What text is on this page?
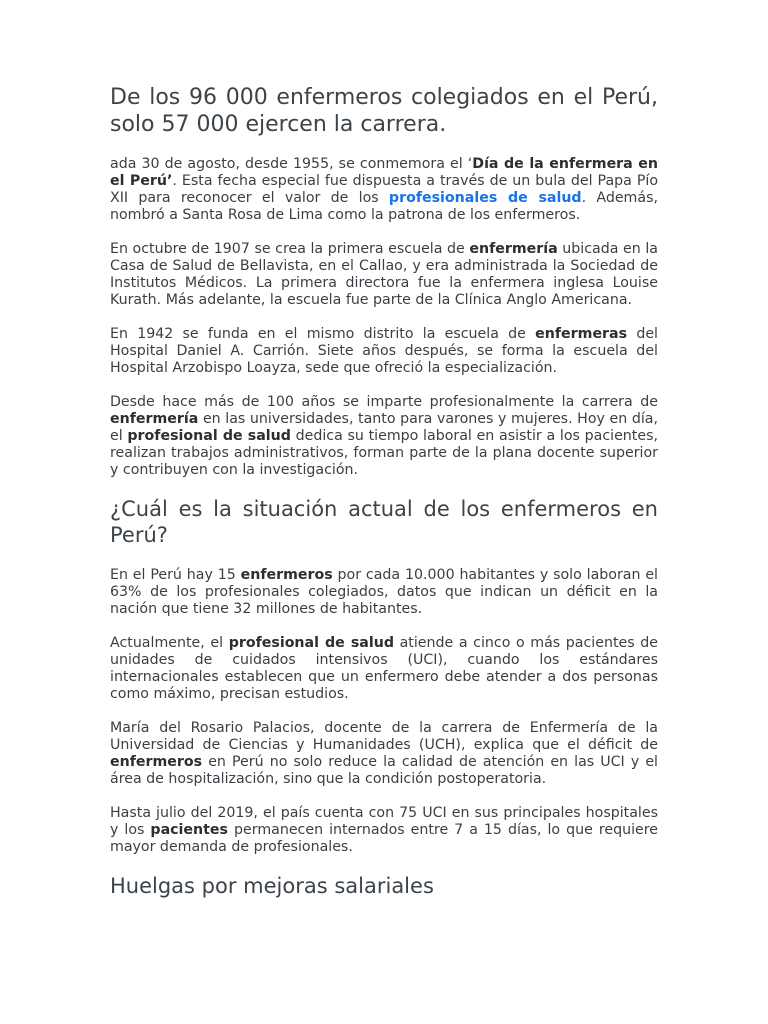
De los 96 000 enfermeros colegiados en el Perú, solo 57 000 ejercen la carrera.

ada 30 de agosto, desde 1955, se conmemora el ‘Día de la enfermera en el Perú’. Esta fecha especial fue dispuesta a través de un bula del Papa Pío XII para reconocer el valor de los profesionales de salud. Además, nombró a Santa Rosa de Lima como la patrona de los enfermeros.

En octubre de 1907 se crea la primera escuela de enfermería ubicada en la Casa de Salud de Bellavista, en el Callao, y era administrada la Sociedad de Institutos Médicos. La primera directora fue la enfermera inglesa Louise Kurath. Más adelante, la escuela fue parte de la Clínica Anglo Americana.

En 1942 se funda en el mismo distrito la escuela de enfermeras del Hospital Daniel A. Carrión. Siete años después, se forma la escuela del Hospital Arzobispo Loayza, sede que ofreció la especialización.

Desde hace más de 100 años se imparte profesionalmente la carrera de enfermería en las universidades, tanto para varones y mujeres. Hoy en día, el profesional de salud dedica su tiempo laboral en asistir a los pacientes, realizan trabajos administrativos, forman parte de la plana docente superior y contribuyen con la investigación.

¿Cuál es la situación actual de los enfermeros en Perú?

En el Perú hay 15 enfermeros por cada 10.000 habitantes y solo laboran el 63% de los profesionales colegiados, datos que indican un déficit en la nación que tiene 32 millones de habitantes.

Actualmente, el profesional de salud atiende a cinco o más pacientes de unidades de cuidados intensivos (UCI), cuando los estándares internacionales establecen que un enfermero debe atender a dos personas como máximo, precisan estudios.

María del Rosario Palacios, docente de la carrera de Enfermería de la Universidad de Ciencias y Humanidades (UCH), explica que el déficit de enfermeros en Perú no solo reduce la calidad de atención en las UCI y el área de hospitalización, sino que la condición postoperatoria.

Hasta julio del 2019, el país cuenta con 75 UCI en sus principales hospitales y los pacientes permanecen internados entre 7 a 15 días, lo que requiere mayor demanda de profesionales.

Huelgas por mejoras salariales
